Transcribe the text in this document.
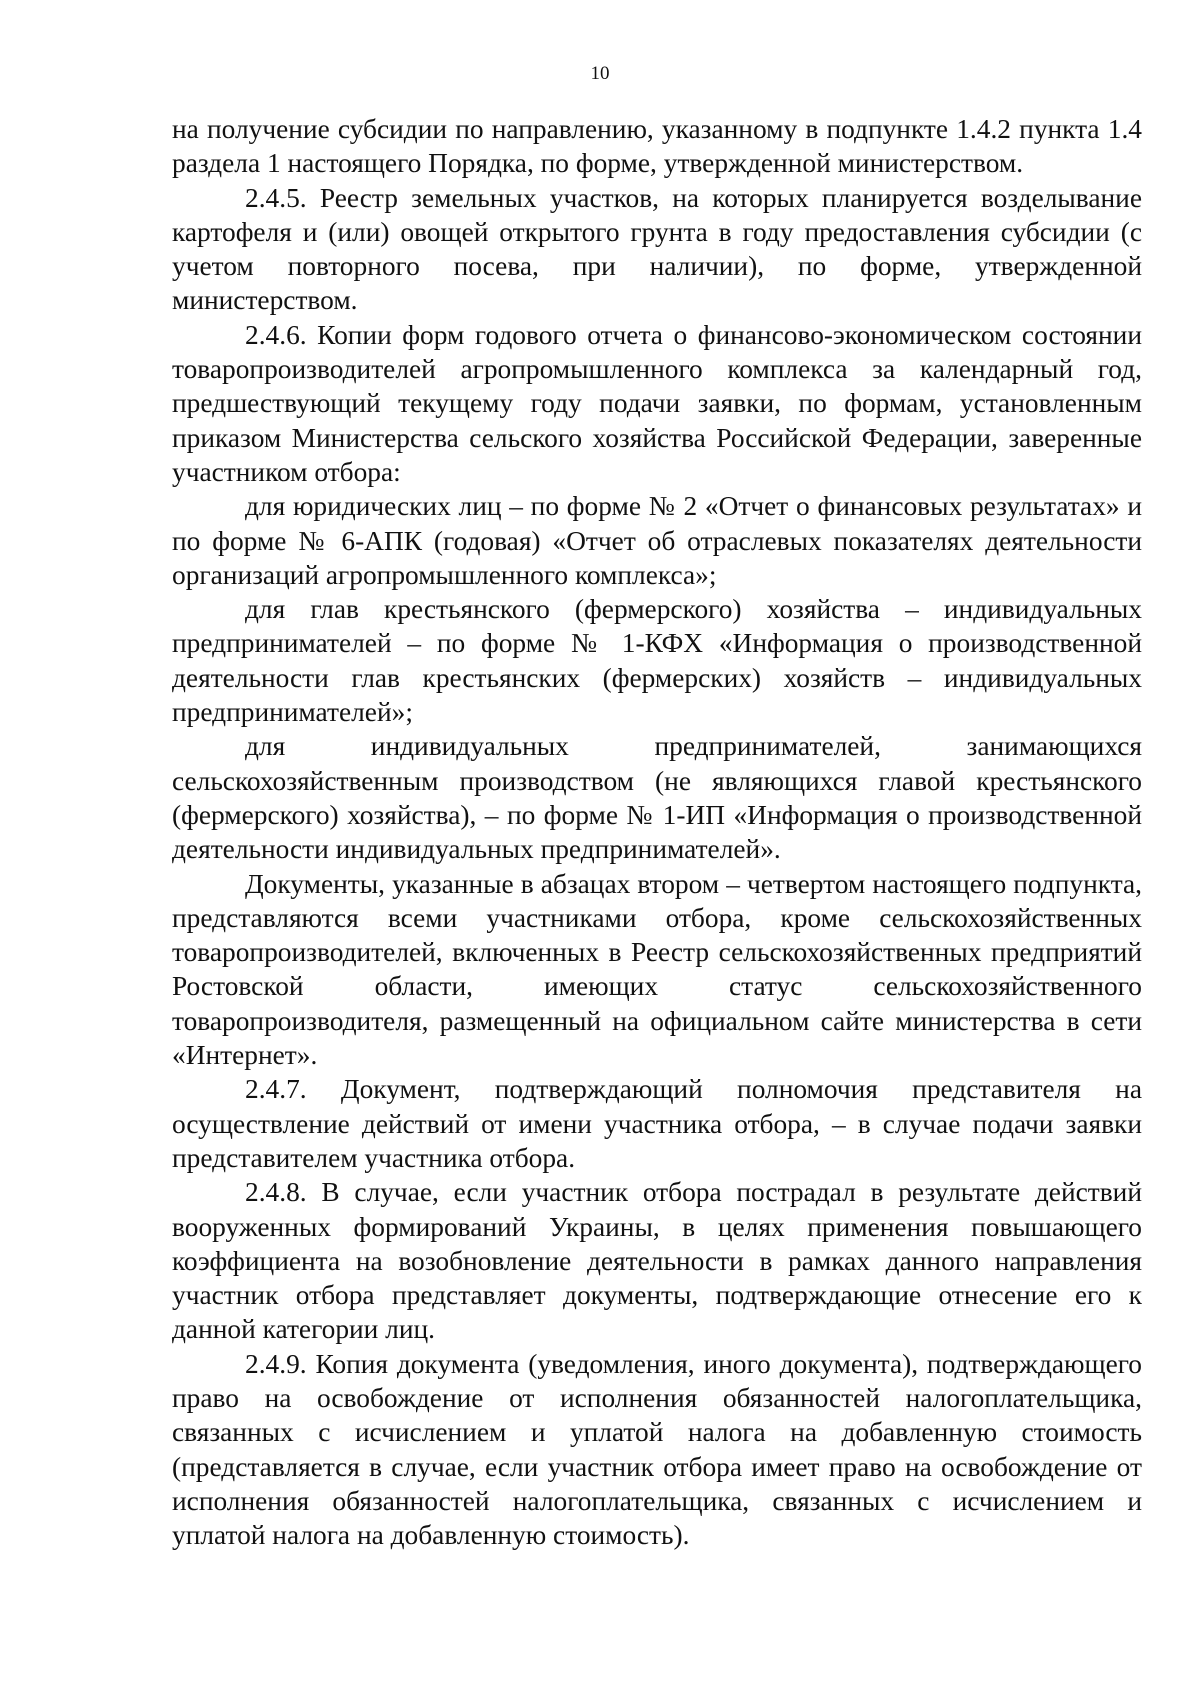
10

на получение субсидии по направлению, указанному в подпункте 1.4.2 пункта 1.4 раздела 1 настоящего Порядка, по форме, утвержденной министерством.

2.4.5. Реестр земельных участков, на которых планируется возделывание картофеля и (или) овощей открытого грунта в году предоставления субсидии (с учетом повторного посева, при наличии), по форме, утвержденной министерством.

2.4.6. Копии форм годового отчета о финансово-экономическом состоянии товаропроизводителей агропромышленного комплекса за календарный год, предшествующий текущему году подачи заявки, по формам, установленным приказом Министерства сельского хозяйства Российской Федерации, заверенные участником отбора:

для юридических лиц – по форме № 2 «Отчет о финансовых результатах» и по форме № 6-АПК (годовая) «Отчет об отраслевых показателях деятельности организаций агропромышленного комплекса»;

для глав крестьянского (фермерского) хозяйства – индивидуальных предпринимателей – по форме № 1-КФХ «Информация о производственной деятельности глав крестьянских (фермерских) хозяйств – индивидуальных предпринимателей»;

для индивидуальных предпринимателей, занимающихся сельскохозяйственным производством (не являющихся главой крестьянского (фермерского) хозяйства), – по форме № 1-ИП «Информация о производственной деятельности индивидуальных предпринимателей».

Документы, указанные в абзацах втором – четвертом настоящего подпункта, представляются всеми участниками отбора, кроме сельскохозяйственных товаропроизводителей, включенных в Реестр сельскохозяйственных предприятий Ростовской области, имеющих статус сельскохозяйственного товаропроизводителя, размещенный на официальном сайте министерства в сети «Интернет».

2.4.7. Документ, подтверждающий полномочия представителя на осуществление действий от имени участника отбора, – в случае подачи заявки представителем участника отбора.

2.4.8. В случае, если участник отбора пострадал в результате действий вооруженных формирований Украины, в целях применения повышающего коэффициента на возобновление деятельности в рамках данного направления участник отбора представляет документы, подтверждающие отнесение его к данной категории лиц.

2.4.9. Копия документа (уведомления, иного документа), подтверждающего право на освобождение от исполнения обязанностей налогоплательщика, связанных с исчислением и уплатой налога на добавленную стоимость (представляется в случае, если участник отбора имеет право на освобождение от исполнения обязанностей налогоплательщика, связанных с исчислением и уплатой налога на добавленную стоимость).
